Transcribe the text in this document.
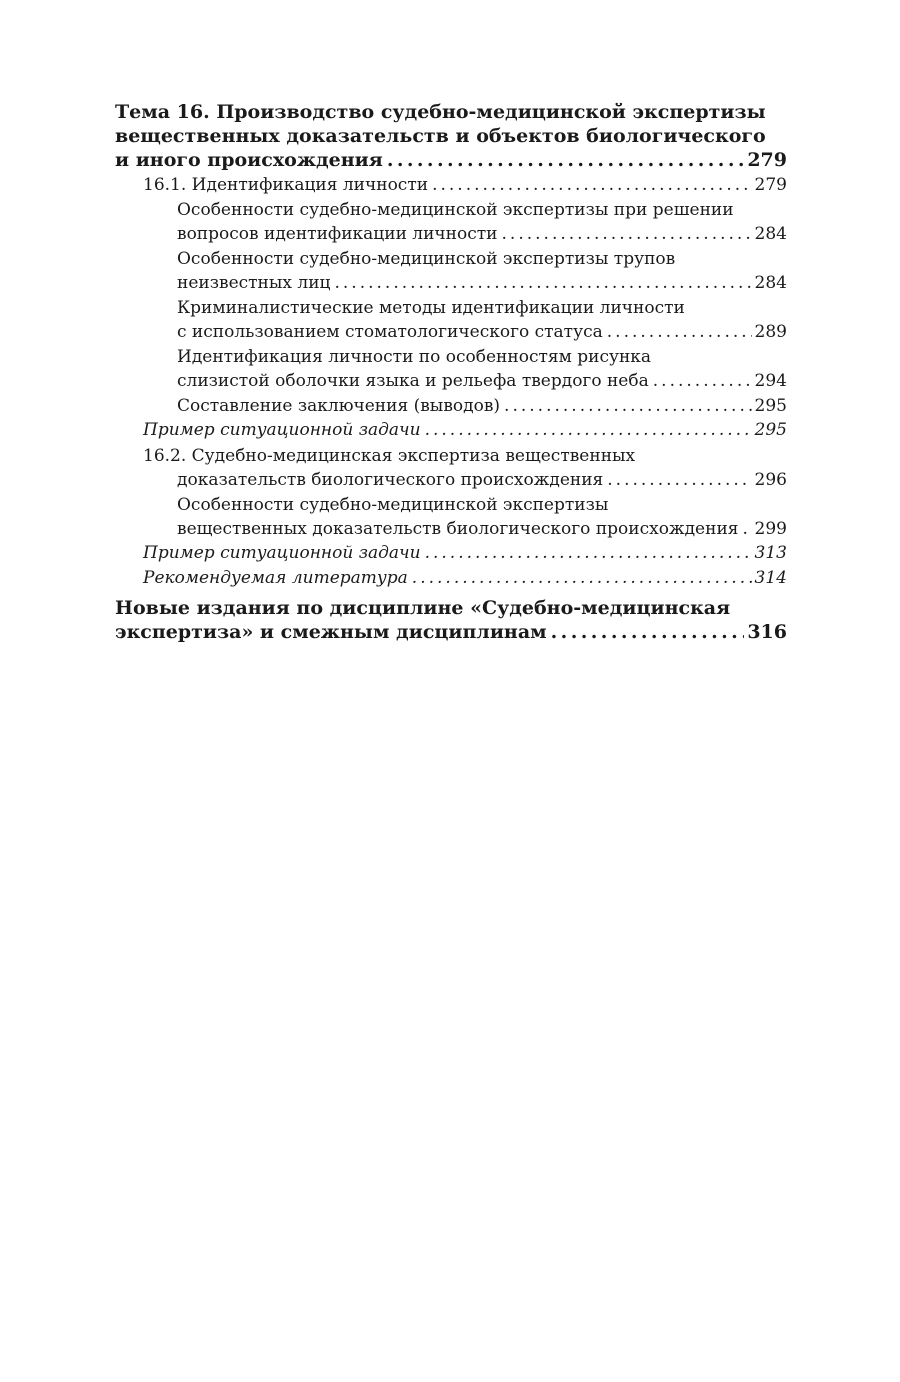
Тема 16. Производство судебно-медицинской экспертизы
вещественных доказательств и объектов биологического
и иного происхождения . . .	279
16.1. Идентификация личности . . .	279
Особенности судебно-медицинской экспертизы при решении
вопросов идентификации личности . . .	284
Особенности судебно-медицинской экспертизы трупов
неизвестных лиц . . .	284
Криминалистические методы идентификации личности
с использованием стоматологического статуса . . .	289
Идентификация личности по особенностям рисунка
слизистой оболочки языка и рельефа твердого неба . . .	294
Составление заключения (выводов) . . .	295
Пример ситуационной задачи . . .	295
16.2. Судебно-медицинская экспертиза вещественных
доказательств биологического происхождения . . .	296
Особенности судебно-медицинской экспертизы
вещественных доказательств биологического происхождения . . . 299
Пример ситуационной задачи . . .	313
Рекомендуемая литература . . .	314
Новые издания по дисциплине «Судебно-медицинская
экспертиза» и смежным дисциплинам . . .	316
